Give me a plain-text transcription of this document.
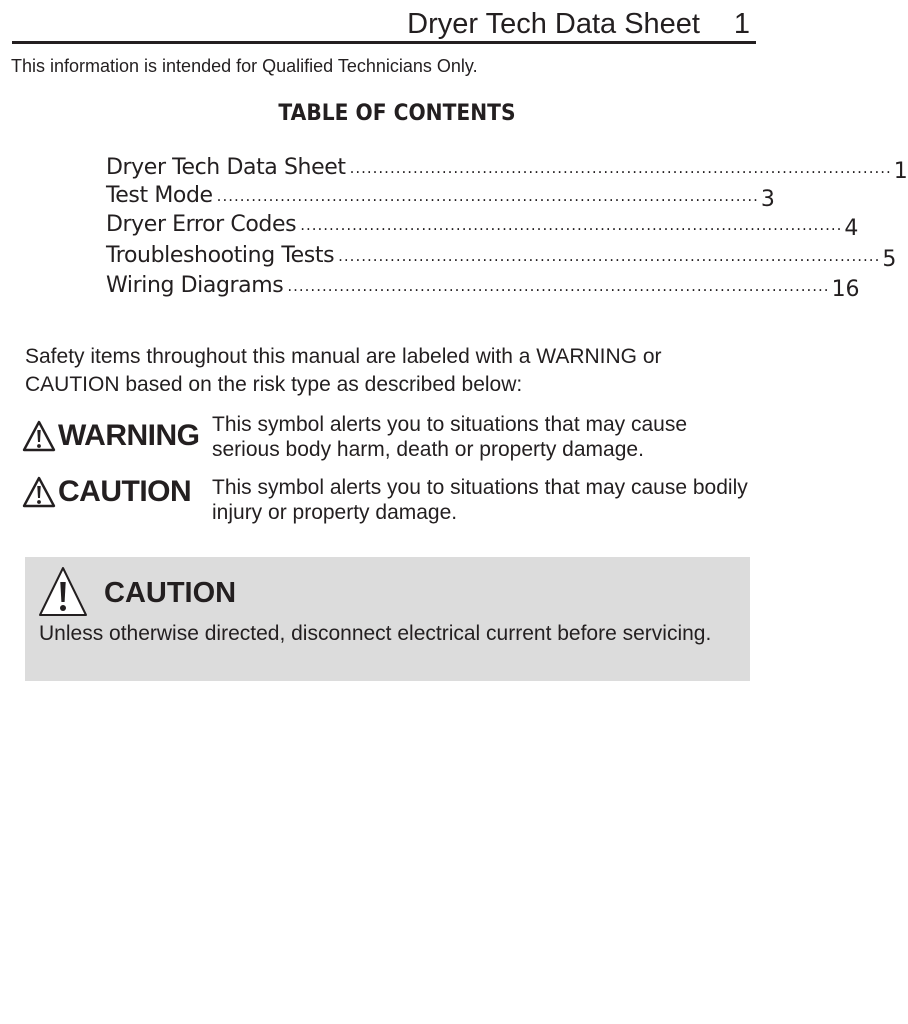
Dryer Tech Data Sheet 1
This information is intended for Qualified Technicians Only.
TABLE OF CONTENTS
Dryer Tech Data Sheet .............................................................................................. 1
Test Mode .............................................................................................. 3
Dryer Error Codes .............................................................................................. 4
Troubleshooting Tests .............................................................................................. 5
Wiring Diagrams .............................................................................................. 16
Safety items throughout this manual are labeled with a WARNING or CAUTION based on the risk type as described below:
WARNING This symbol alerts you to situations that may cause serious body harm, death or property damage.
CAUTION This symbol alerts you to situations that may cause bodily injury or property damage.
CAUTION
Unless otherwise directed, disconnect electrical current before servicing.
